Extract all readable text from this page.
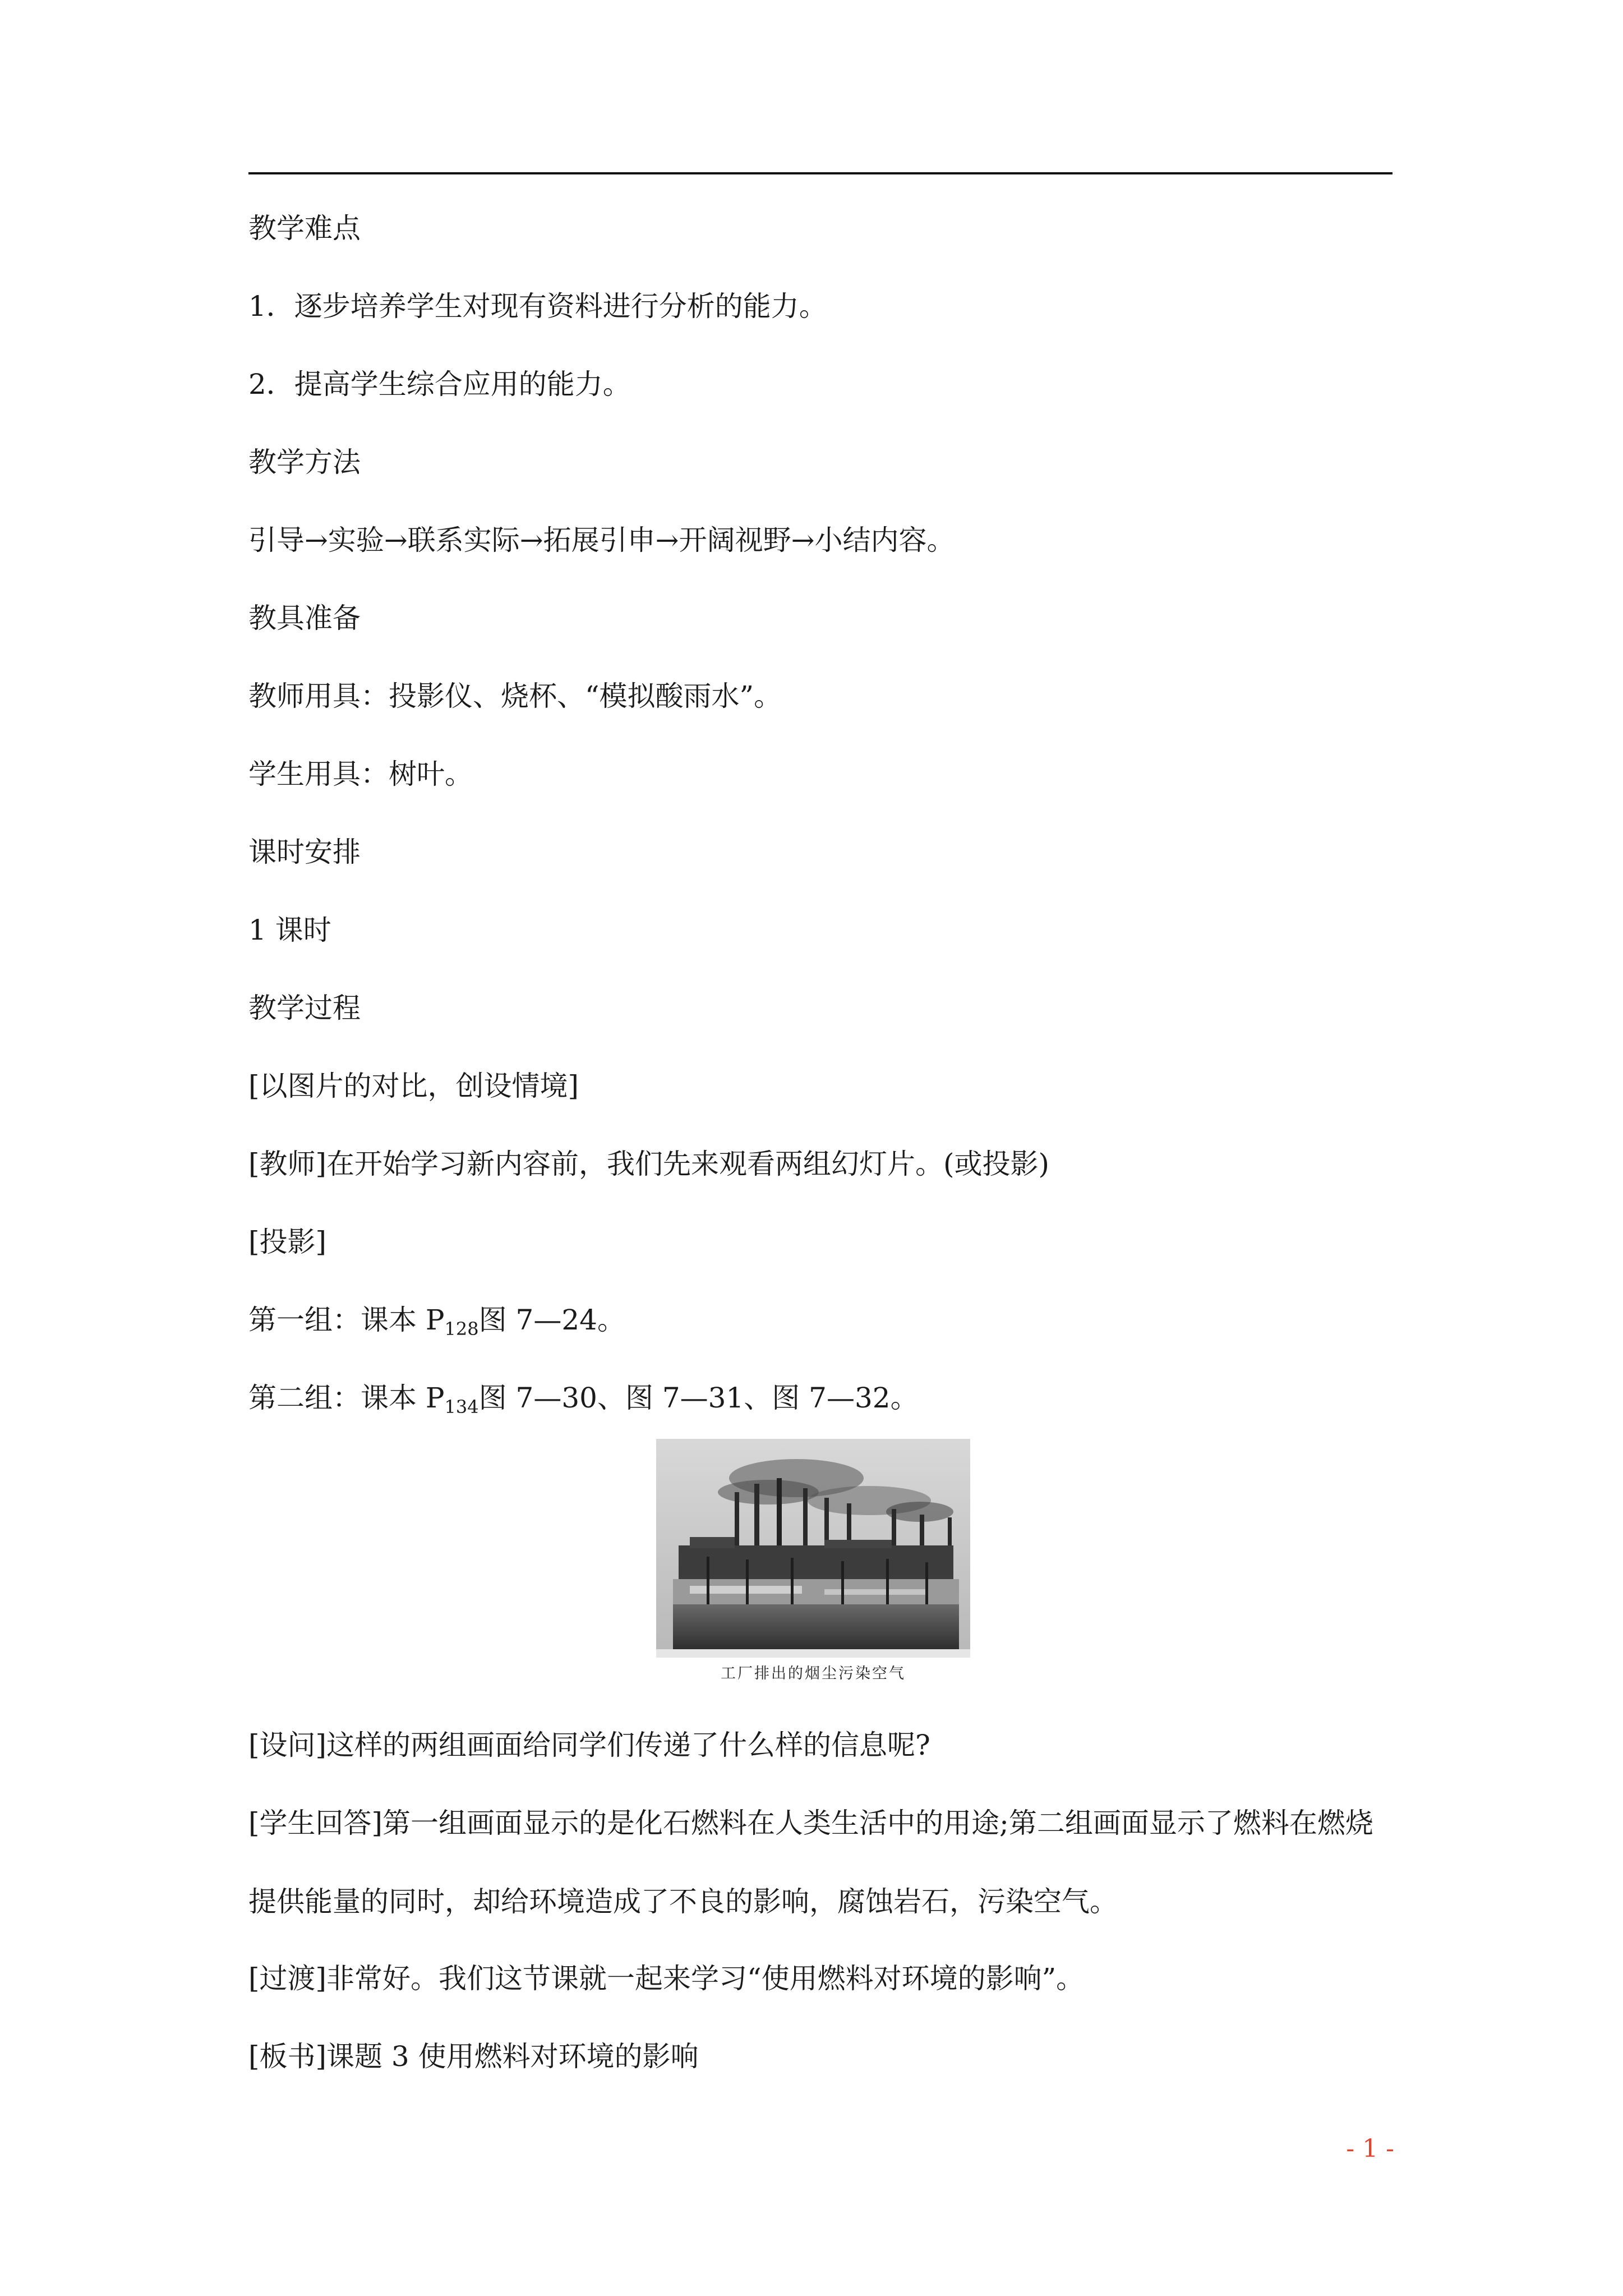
教学难点
1．逐步培养学生对现有资料进行分析的能力。
2．提高学生综合应用的能力。
教学方法
引导→实验→联系实际→拓展引申→开阔视野→小结内容。
教具准备
教师用具：投影仪、烧杯、“模拟酸雨水”。
学生用具：树叶。
课时安排
1 课时
教学过程
[以图片的对比，创设情境]
[教师]在开始学习新内容前，我们先来观看两组幻灯片。(或投影)
[投影]
第一组：课本 $P_{128}$图 7—24。
第二组：课本 $P_{134}$图 7—30、图 7—31、图 7—32。
工厂排出的烟尘污染空气
[设问]这样的两组画面给同学们传递了什么样的信息呢?
[学生回答]第一组画面显示的是化石燃料在人类生活中的用途;第二组画面显示了燃料在燃烧提供能量的同时，却给环境造成了不良的影响，腐蚀岩石，污染空气。
[过渡]非常好。我们这节课就一起来学习“使用燃料对环境的影响”。
[板书]课题 3 使用燃料对环境的影响
- 1 -
